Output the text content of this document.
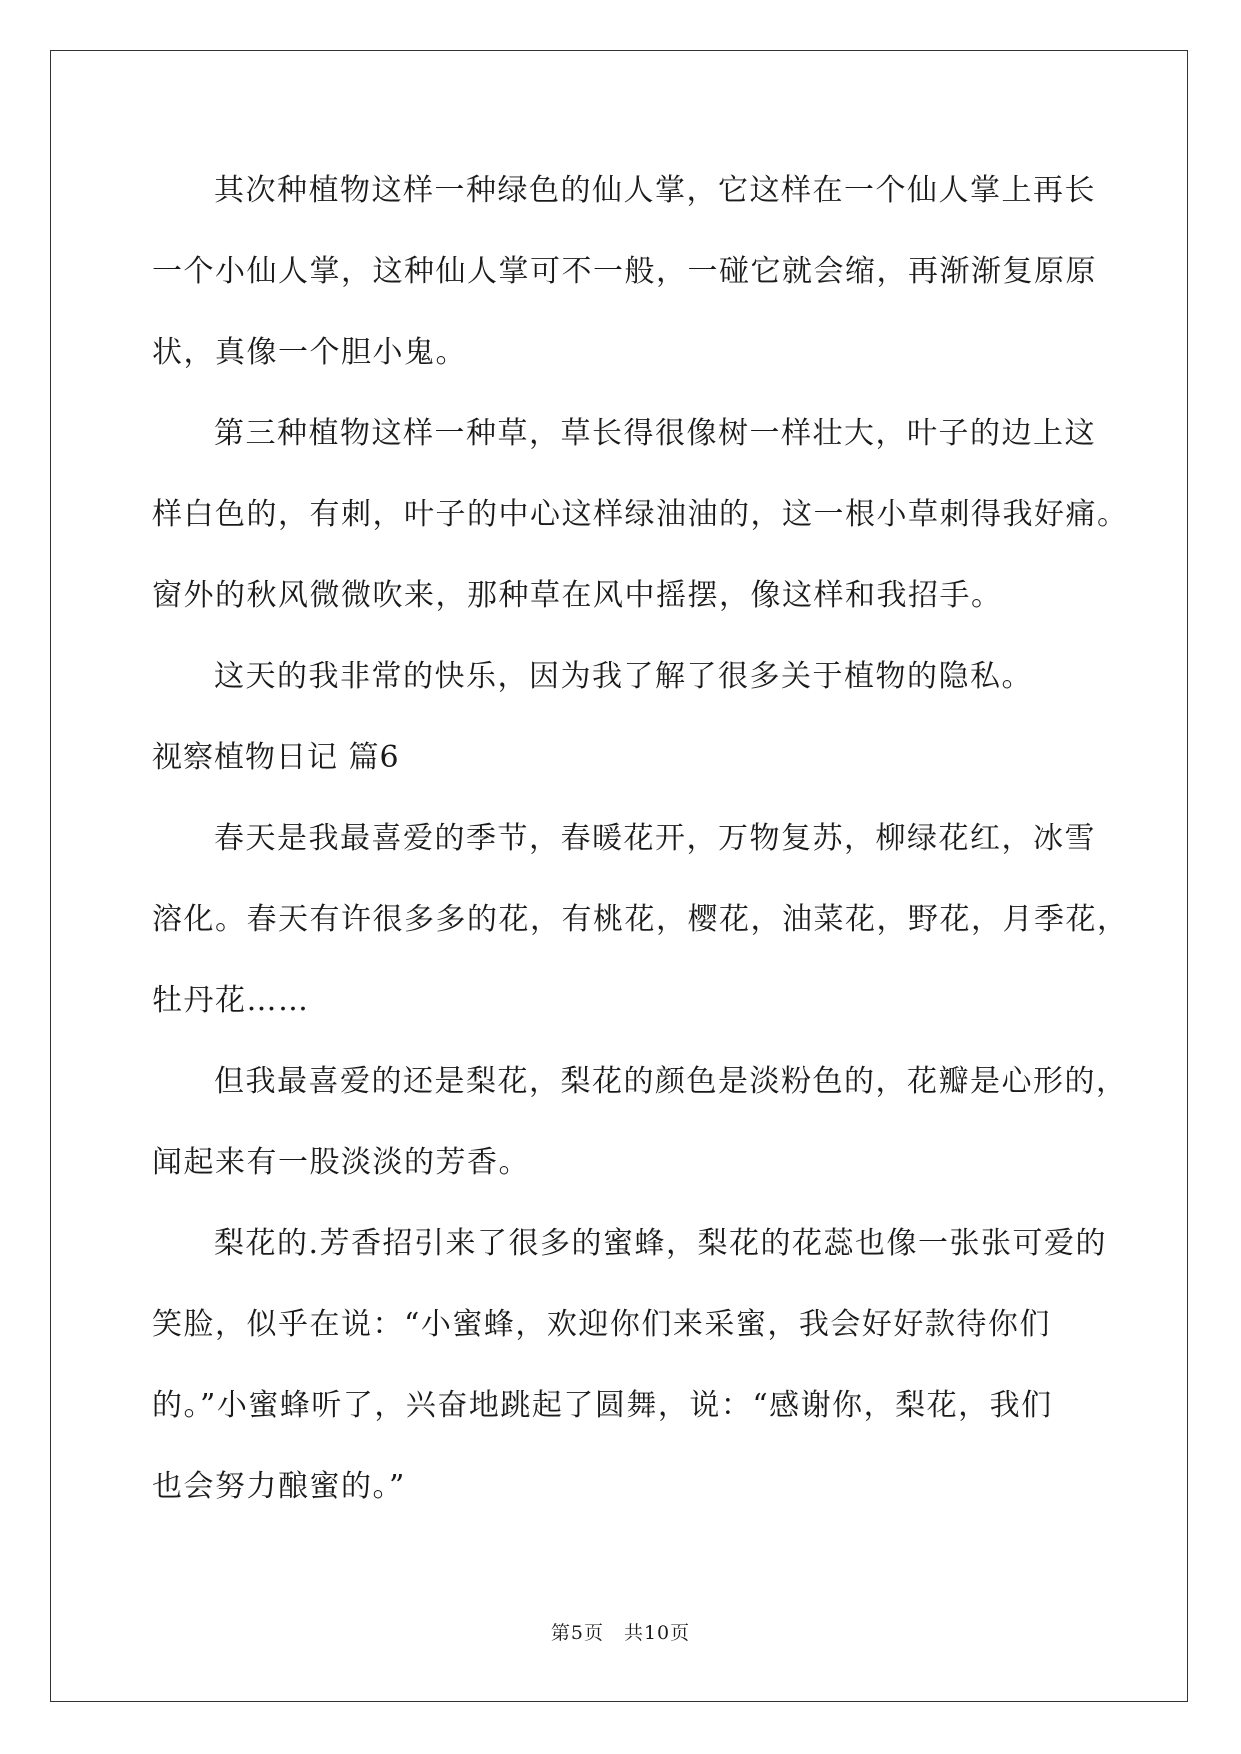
其次种植物这样一种绿色的仙人掌，它这样在一个仙人掌上再长
一个小仙人掌，这种仙人掌可不一般，一碰它就会缩，再渐渐复原原
状，真像一个胆小鬼。
第三种植物这样一种草，草长得很像树一样壮大，叶子的边上这
样白色的，有刺，叶子的中心这样绿油油的，这一根小草刺得我好痛。
窗外的秋风微微吹来，那种草在风中摇摆，像这样和我招手。
这天的我非常的快乐，因为我了解了很多关于植物的隐私。
视察植物日记 篇6
春天是我最喜爱的季节，春暖花开，万物复苏，柳绿花红，冰雪
溶化。春天有许很多多的花，有桃花，樱花，油菜花，野花，月季花，
牡丹花……
但我最喜爱的还是梨花，梨花的颜色是淡粉色的，花瓣是心形的，
闻起来有一股淡淡的芳香。
梨花的.芳香招引来了很多的蜜蜂，梨花的花蕊也像一张张可爱的
笑脸，似乎在说：“小蜜蜂，欢迎你们来采蜜，我会好好款待你们
的。”小蜜蜂听了，兴奋地跳起了圆舞，说：“感谢你，梨花，我们
也会努力酿蜜的。”
第5页　共10页
